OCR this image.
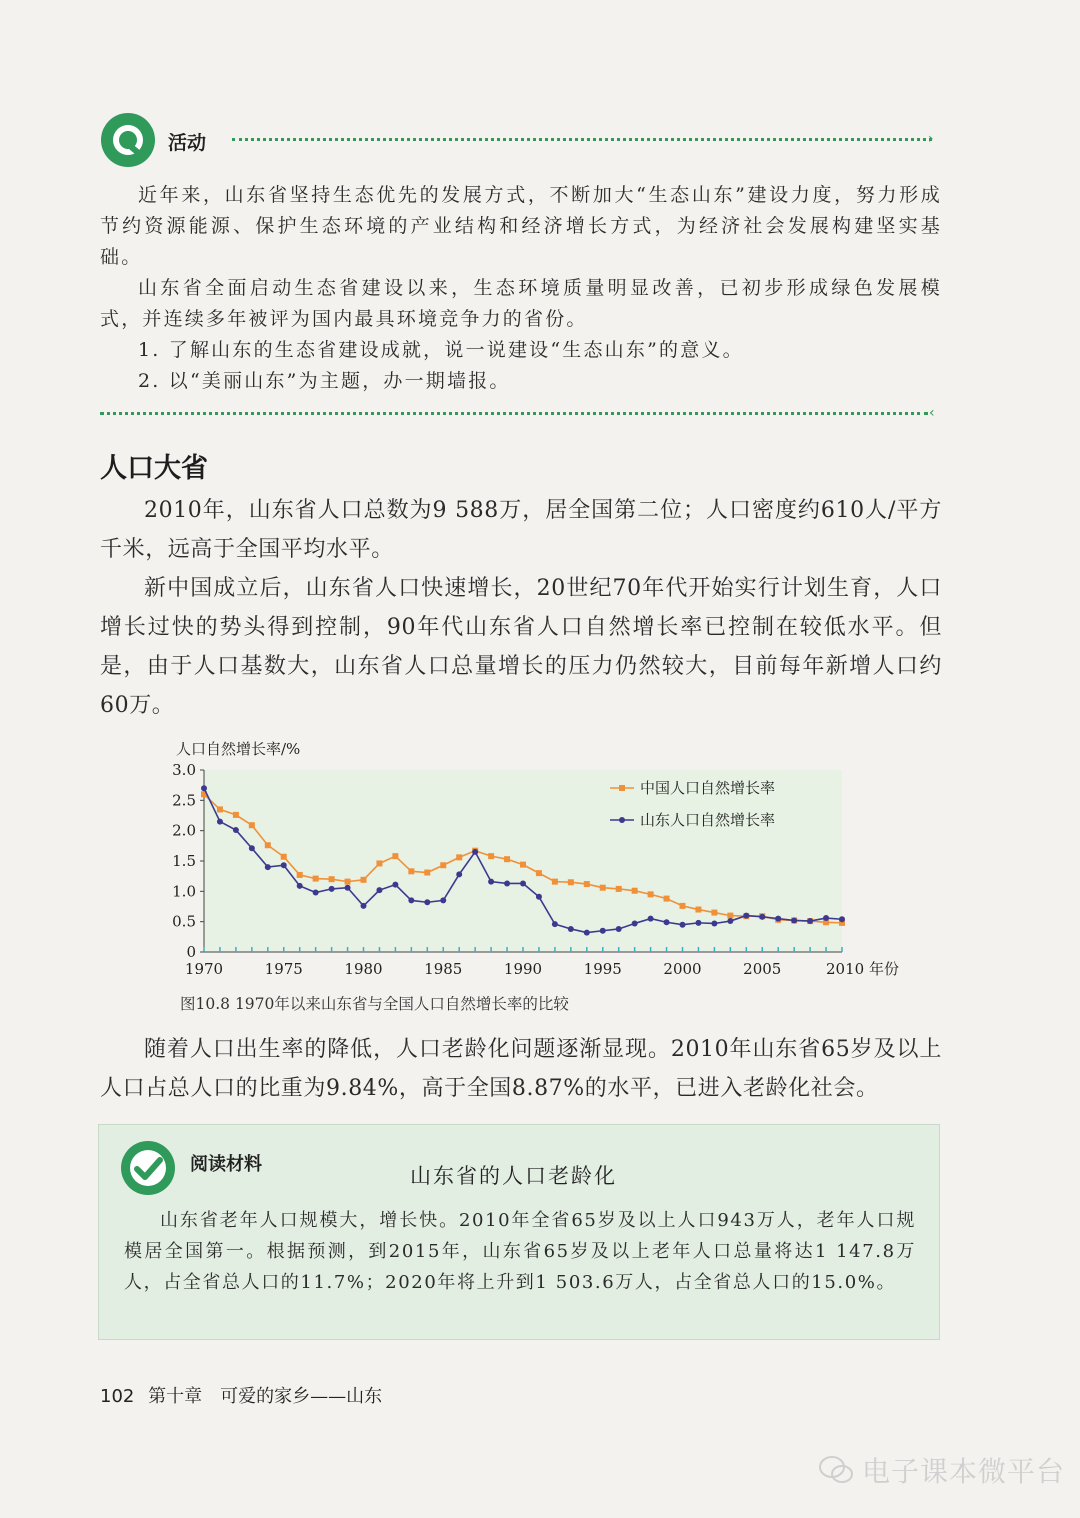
活动	›

近年来，山东省坚持生态优先的发展方式，不断加大“生态山东”建设力度，努力形成节约资源能源、保护生态环境的产业结构和经济增长方式，为经济社会发展构建坚实基础。

山东省全面启动生态省建设以来，生态环境质量明显改善，已初步形成绿色发展模式，并连续多年被评为国内最具环境竞争力的省份。

1. 了解山东的生态省建设成就，说一说建设“生态山东”的意义。
2. 以“美丽山东”为主题，办一期墙报。
‹
人口大省

2010年，山东省人口总数为9 588万，居全国第二位；人口密度约610人/平方千米，远高于全国平均水平。

新中国成立后，山东省人口快速增长，20世纪70年代开始实行计划生育，人口增长过快的势头得到控制，90年代山东省人口自然增长率已控制在较低水平。但是，由于人口基数大，山东省人口总量增长的压力仍然较大，目前每年新增人口约60万。

0
0.5
1.0
1.5
2.0
2.5
3.0
1970	1975	1980	1985	1990	1995	2000	2005	2010 年份
人口自然增长率/%
中国人口自然增长率
山东人口自然增长率
图10.8 1970年以来山东省与全国人口自然增长率的比较

随着人口出生率的降低，人口老龄化问题逐渐显现。2010年山东省65岁及以上人口占总人口的比重为9.84%，高于全国8.87%的水平，已进入老龄化社会。

阅读材料	山东省的人口老龄化

山东省老年人口规模大，增长快。2010年全省65岁及以上人口943万人，老年人口规模居全国第一。根据预测，到2015年，山东省65岁及以上老年人口总量将达1 147.8万人，占全省总人口的11.7%；2020年将上升到1 503.6万人，占全省总人口的15.0%。

102 第十章　可爱的家乡——山东
电子课本微平台
